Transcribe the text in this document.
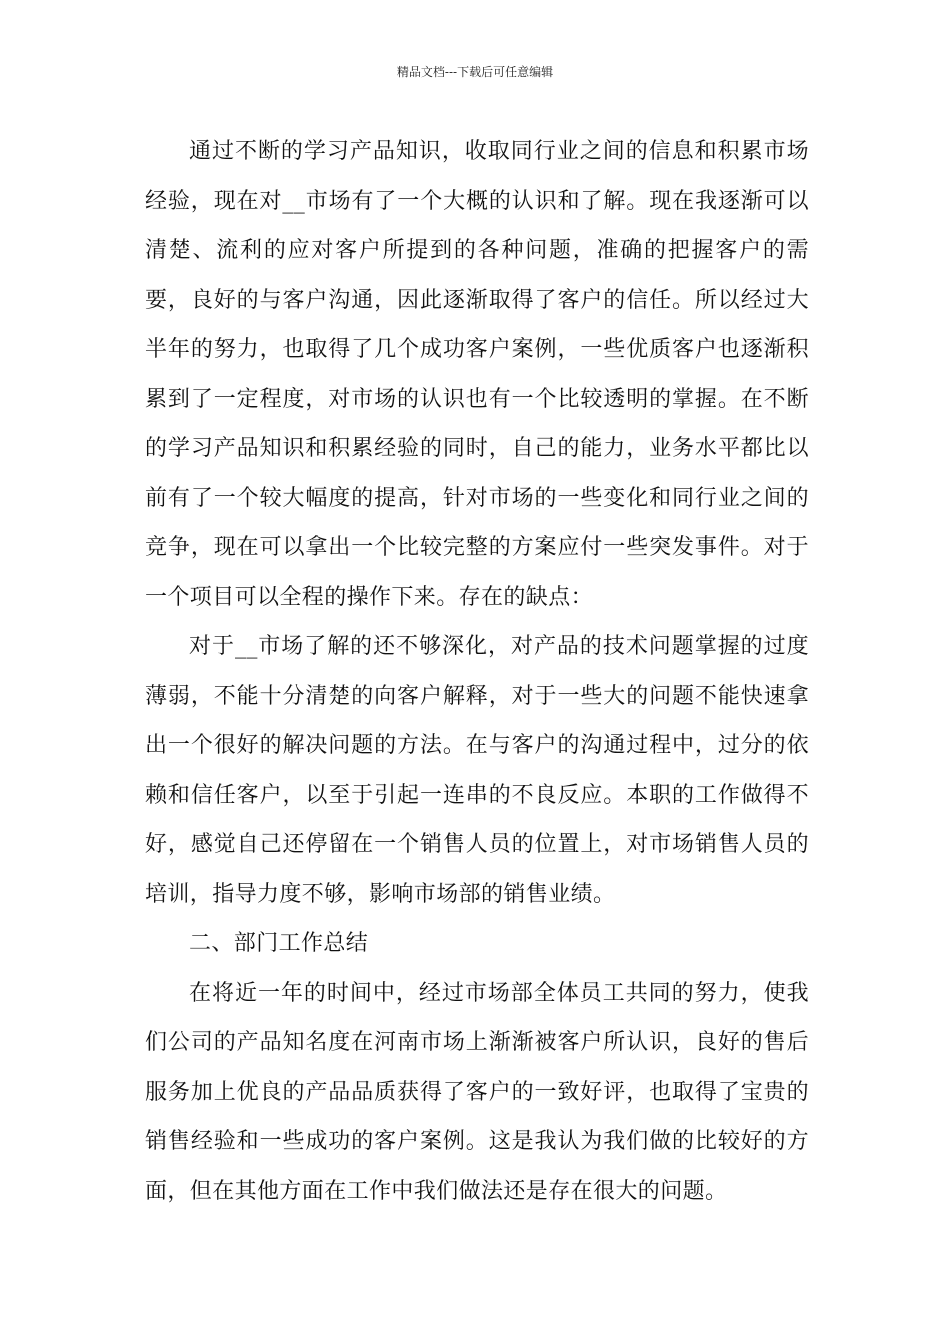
精品文档---下载后可任意编辑

通过不断的学习产品知识，收取同行业之间的信息和积累市场经验，现在对__市场有了一个大概的认识和了解。现在我逐渐可以清楚、流利的应对客户所提到的各种问题，准确的把握客户的需要，良好的与客户沟通，因此逐渐取得了客户的信任。所以经过大半年的努力，也取得了几个成功客户案例，一些优质客户也逐渐积累到了一定程度，对市场的认识也有一个比较透明的掌握。在不断的学习产品知识和积累经验的同时，自己的能力，业务水平都比以前有了一个较大幅度的提高，针对市场的一些变化和同行业之间的竞争，现在可以拿出一个比较完整的方案应付一些突发事件。对于一个项目可以全程的操作下来。存在的缺点：

对于__市场了解的还不够深化，对产品的技术问题掌握的过度薄弱，不能十分清楚的向客户解释，对于一些大的问题不能快速拿出一个很好的解决问题的方法。在与客户的沟通过程中，过分的依赖和信任客户，以至于引起一连串的不良反应。本职的工作做得不好，感觉自己还停留在一个销售人员的位置上，对市场销售人员的培训，指导力度不够，影响市场部的销售业绩。

二、部门工作总结

在将近一年的时间中，经过市场部全体员工共同的努力，使我们公司的产品知名度在河南市场上渐渐被客户所认识，良好的售后服务加上优良的产品品质获得了客户的一致好评，也取得了宝贵的销售经验和一些成功的客户案例。这是我认为我们做的比较好的方面，但在其他方面在工作中我们做法还是存在很大的问题。
